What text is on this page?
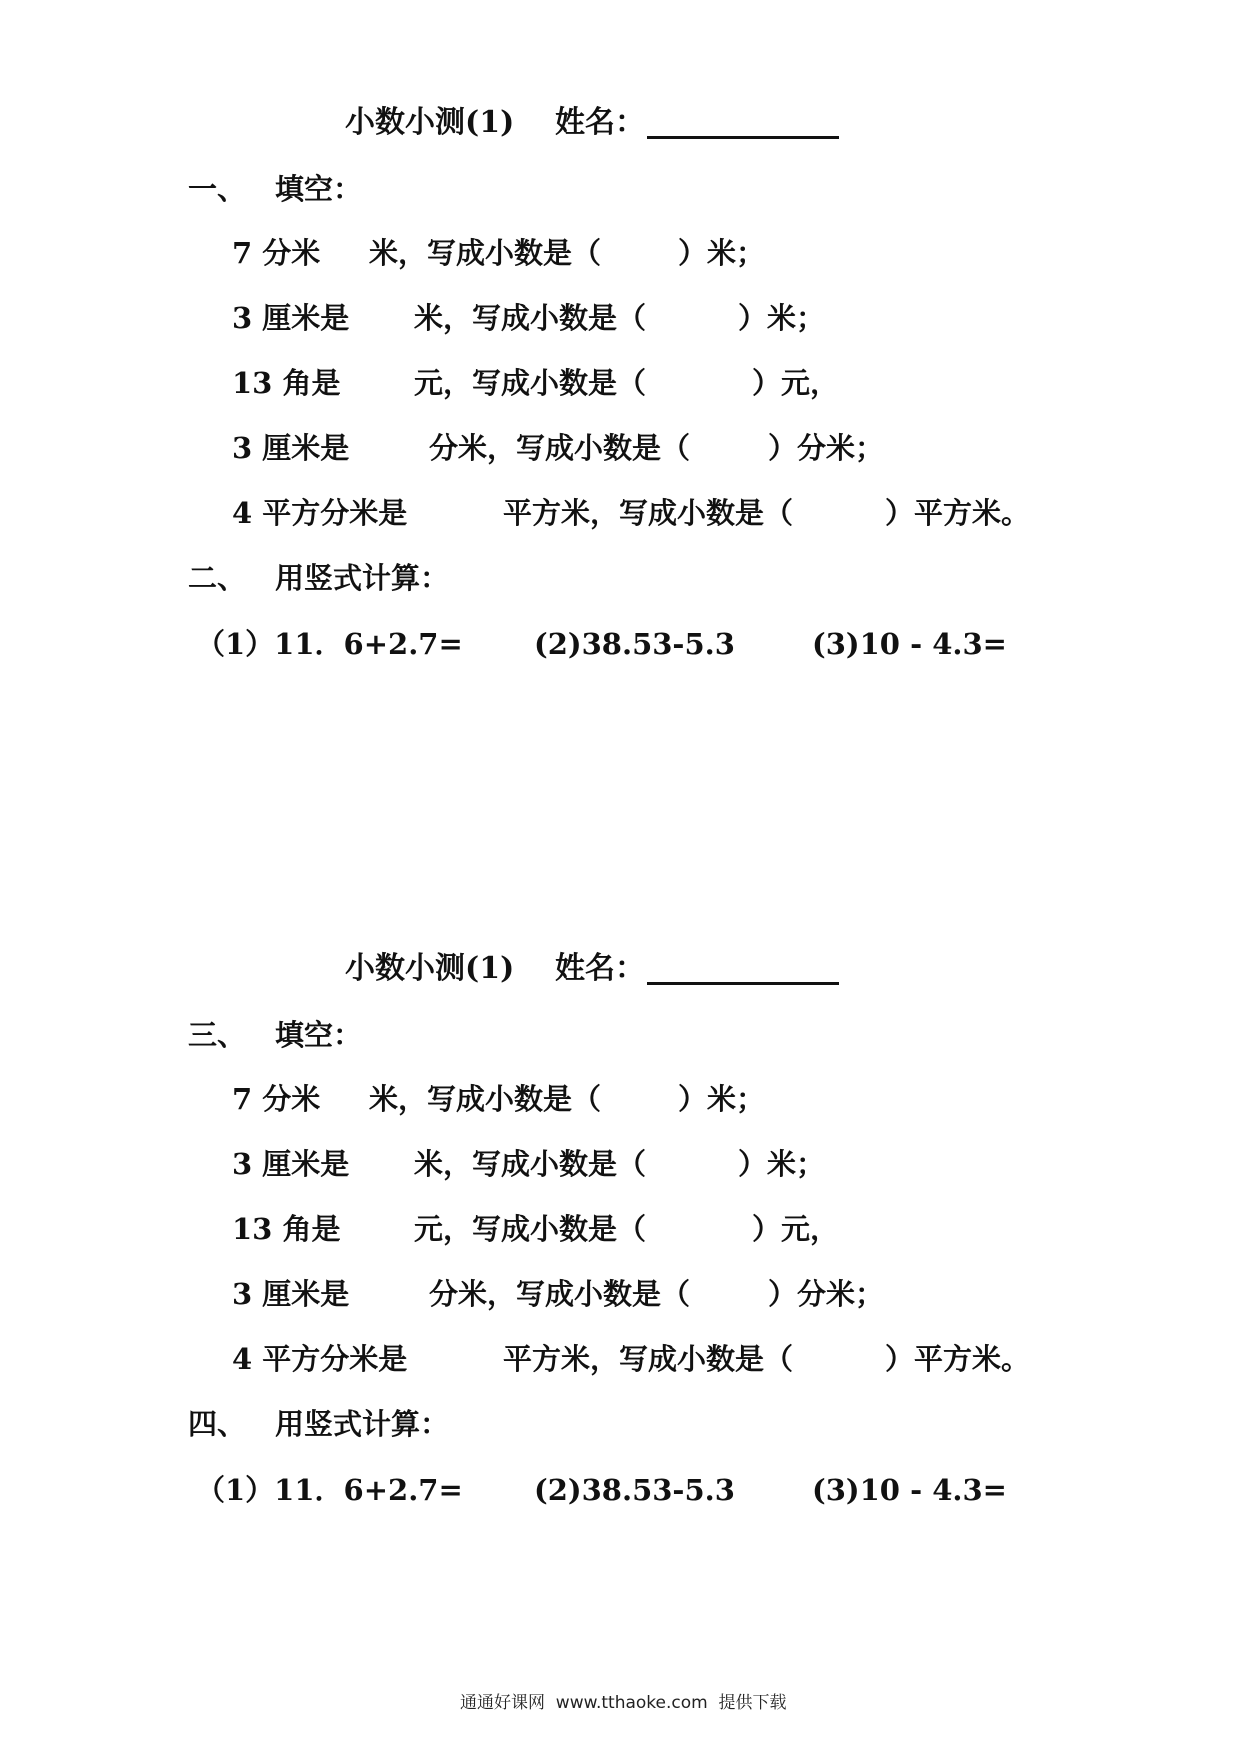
小数小测(1) 姓名：
一、 填空：
7 分米 米，写成小数是（	）米；
3 厘米是 米，写成小数是（	）米；
13 角是	元，写成小数是（	）元，
3 厘米是	分米，写成小数是（	）分米；
4 平方分米是	平方米，写成小数是（	）平方米。
二、 用竖式计算：
（1）11．6+2.7= (2)38.53-5.3	(3)10 - 4.3=
小数小测(1) 姓名：
三、 填空：
7 分米 米，写成小数是（	）米；
3 厘米是 米，写成小数是（	）米；
13 角是	元，写成小数是（	）元，
3 厘米是	分米，写成小数是（	）分米；
4 平方分米是	平方米，写成小数是（	）平方米。
四、 用竖式计算：
（1）11．6+2.7= (2)38.53-5.3	(3)10 - 4.3=
通通好课网  www.tthaoke.com  提供下载
